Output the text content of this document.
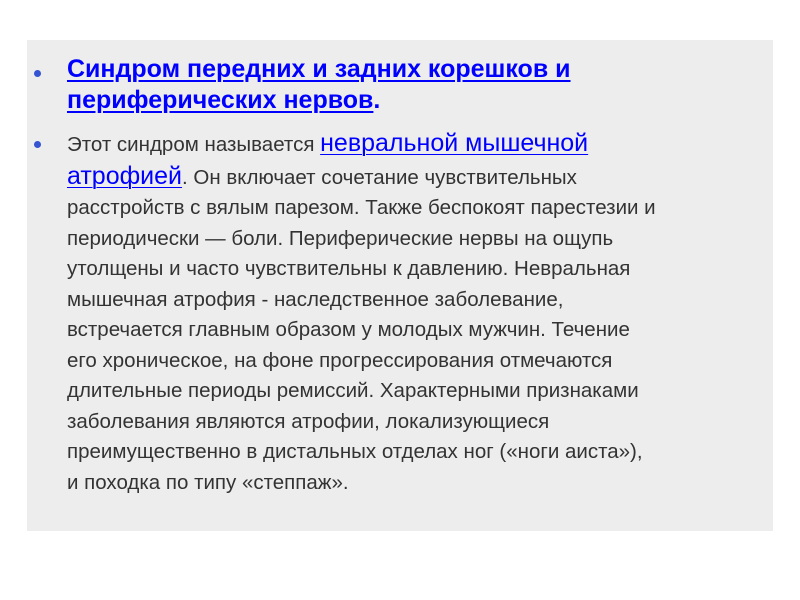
Синдром передних и задних корешков и
периферических нервов.
Этот синдром называется невральной мышечной
атрофией. Он включает сочетание чувствительных
расстройств с вялым парезом. Также беспокоят парестезии и
периодически — боли. Периферические нервы на ощупь
утолщены и часто чувствительны к давлению. Невральная
мышечная атрофия - наследственное заболевание,
встречается главным образом у молодых мужчин. Течение
его хроническое, на фоне прогрессирования отмечаются
длительные периоды ремиссий. Характерными признаками
заболевания являются атрофии, локализующиеся
преимущественно в дистальных отделах ног («ноги аиста»),
и походка по типу «степпаж».
